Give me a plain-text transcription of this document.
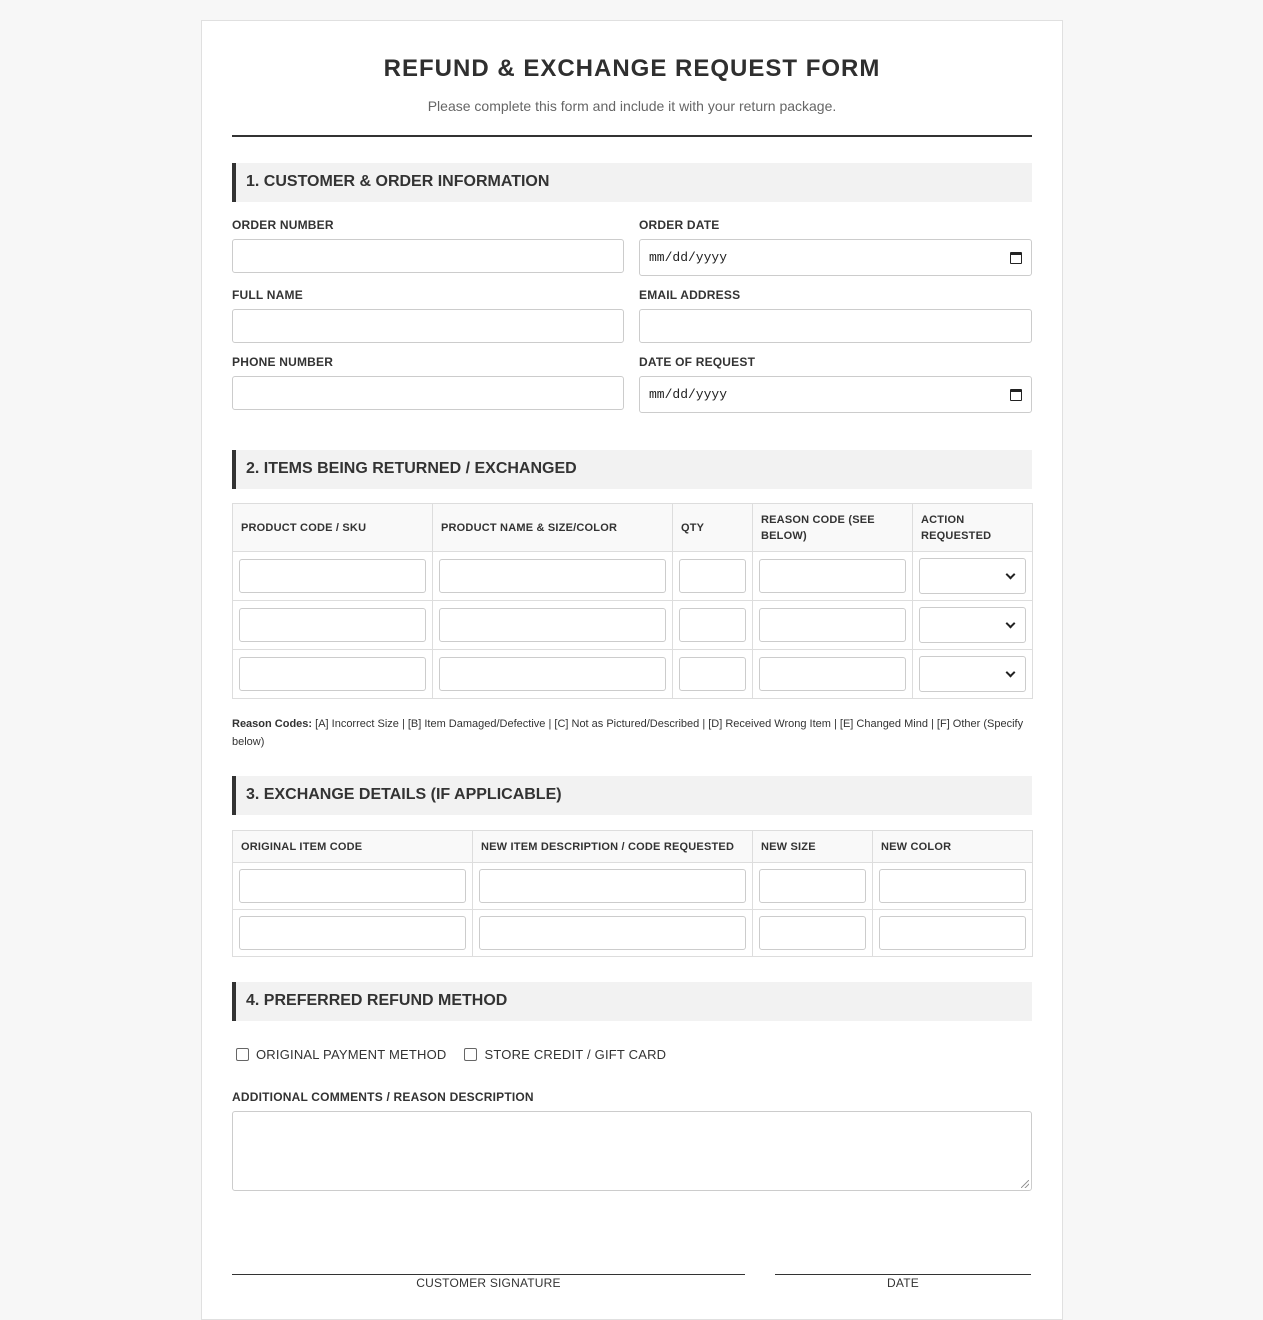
REFUND & EXCHANGE REQUEST FORM
Please complete this form and include it with your return package.
1. CUSTOMER & ORDER INFORMATION
ORDER NUMBER	ORDER DATE
mm/dd/yyyy
FULL NAME	EMAIL ADDRESS
PHONE NUMBER	DATE OF REQUEST
mm/dd/yyyy
2. ITEMS BEING RETURNED / EXCHANGED
PRODUCT CODE / SKU	PRODUCT NAME & SIZE/COLOR	QTY	REASON CODE (SEE BELOW)	ACTION REQUESTED

Reason Codes: [A] Incorrect Size | [B] Item Damaged/Defective | [C] Not as Pictured/Described | [D] Received Wrong Item | [E] Changed Mind | [F] Other (Specify below)
3. EXCHANGE DETAILS (IF APPLICABLE)
ORIGINAL ITEM CODE	NEW ITEM DESCRIPTION / CODE REQUESTED	NEW SIZE	NEW COLOR

4. PREFERRED REFUND METHOD
ORIGINAL PAYMENT METHOD	STORE CREDIT / GIFT CARD
ADDITIONAL COMMENTS / REASON DESCRIPTION
CUSTOMER SIGNATURE	DATE
